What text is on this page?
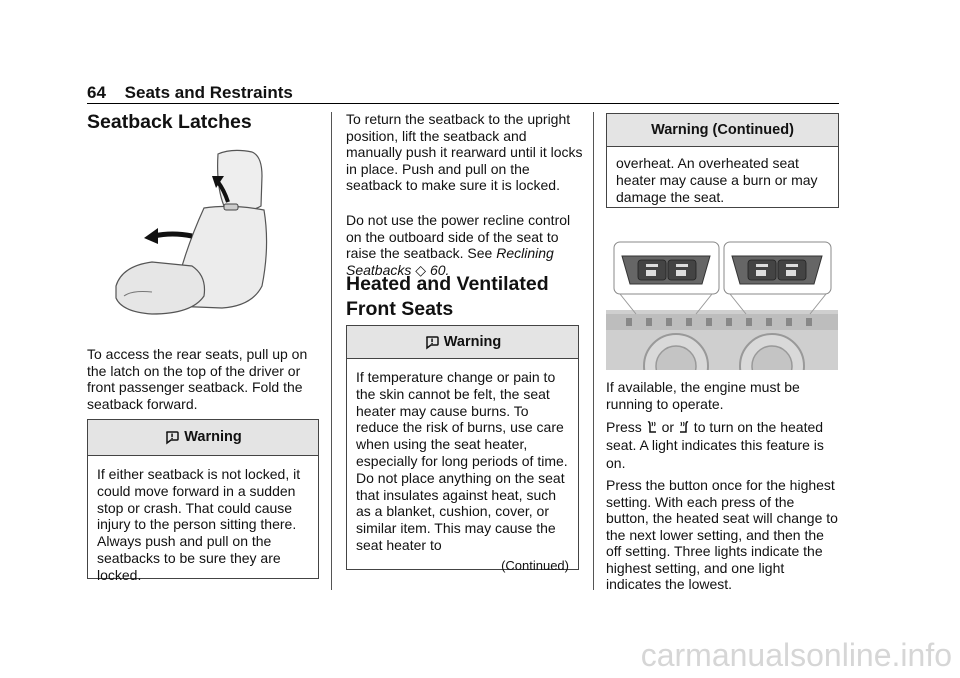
64 Seats and Restraints
Seatback Latches
To access the rear seats, pull up on the latch on the top of the driver or front passenger seatback. Fold the seatback forward.
Warning
If either seatback is not locked, it could move forward in a sudden stop or crash. That could cause injury to the person sitting there. Always push and pull on the seatbacks to be sure they are locked.
To return the seatback to the upright position, lift the seatback and manually push it rearward until it locks in place. Push and pull on the seatback to make sure it is locked.
Do not use the power recline control on the outboard side of the seat to raise the seatback. See Reclining Seatbacks ◇ 60.
Heated and Ventilated Front Seats
Warning
If temperature change or pain to the skin cannot be felt, the seat heater may cause burns. To reduce the risk of burns, use care when using the seat heater, especially for long periods of time. Do not place anything on the seat that insulates against heat, such as a blanket, cushion, cover, or similar item. This may cause the seat heater to
(Continued)
Warning (Continued)
overheat. An overheated seat heater may cause a burn or may damage the seat.
If available, the engine must be running to operate.
Press  or  to turn on the heated seat. A light indicates this feature is on.
Press the button once for the highest setting. With each press of the button, the heated seat will change to the next lower setting, and then the off setting. Three lights indicate the highest setting, and one light indicates the lowest.
carmanualsonline.info
